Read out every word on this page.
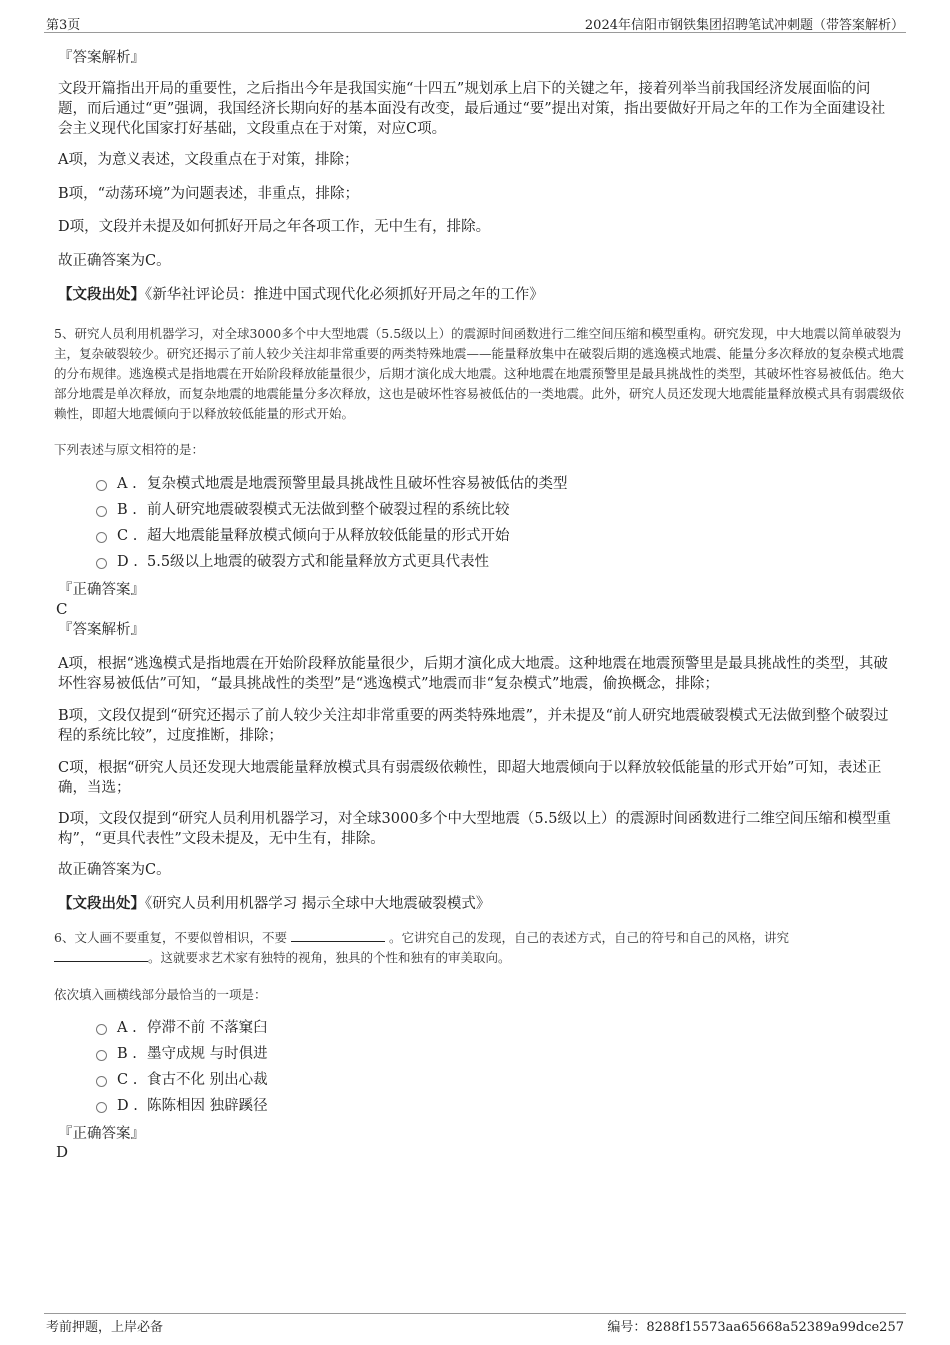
第3页	2024年信阳市钢铁集团招聘笔试冲刺题（带答案解析）
『答案解析』
文段开篇指出开局的重要性，之后指出今年是我国实施“十四五”规划承上启下的关键之年，接着列举当前我国经济发展面临的问题，而后通过“更”强调，我国经济长期向好的基本面没有改变，最后通过“要”提出对策，指出要做好开局之年的工作为全面建设社会主义现代化国家打好基础，文段重点在于对策，对应C项。
A项，为意义表述，文段重点在于对策，排除；
B项，“动荡环境”为问题表述，非重点，排除；
D项，文段并未提及如何抓好开局之年各项工作，无中生有，排除。
故正确答案为C。
【文段出处】《新华社评论员：推进中国式现代化必须抓好开局之年的工作》
5、研究人员利用机器学习，对全球3000多个中大型地震（5.5级以上）的震源时间函数进行二维空间压缩和模型重构。研究发现，中大地震以简单破裂为主，复杂破裂较少。研究还揭示了前人较少关注却非常重要的两类特殊地震——能量释放集中在破裂后期的逃逸模式地震、能量分多次释放的复杂模式地震的分布规律。逃逸模式是指地震在开始阶段释放能量很少，后期才演化成大地震。这种地震在地震预警里是最具挑战性的类型，其破坏性容易被低估。绝大部分地震是单次释放，而复杂地震的地震能量分多次释放，这也是破坏性容易被低估的一类地震。此外，研究人员还发现大地震能量释放模式具有弱震级依赖性，即超大地震倾向于以释放较低能量的形式开始。
下列表述与原文相符的是：
A . 复杂模式地震是地震预警里最具挑战性且破坏性容易被低估的类型
B . 前人研究地震破裂模式无法做到整个破裂过程的系统比较
C . 超大地震能量释放模式倾向于从释放较低能量的形式开始
D . 5.5级以上地震的破裂方式和能量释放方式更具代表性
『正确答案』
C
『答案解析』
A项，根据“逃逸模式是指地震在开始阶段释放能量很少，后期才演化成大地震。这种地震在地震预警里是最具挑战性的类型，其破坏性容易被低估”可知，“最具挑战性的类型”是“逃逸模式”地震而非“复杂模式”地震，偷换概念，排除；
B项，文段仅提到“研究还揭示了前人较少关注却非常重要的两类特殊地震”，并未提及“前人研究地震破裂模式无法做到整个破裂过程的系统比较”，过度推断，排除；
C项，根据“研究人员还发现大地震能量释放模式具有弱震级依赖性，即超大地震倾向于以释放较低能量的形式开始”可知，表述正确，当选；
D项，文段仅提到“研究人员利用机器学习，对全球3000多个中大型地震（5.5级以上）的震源时间函数进行二维空间压缩和模型重构”，“更具代表性”文段未提及，无中生有，排除。
故正确答案为C。
【文段出处】《研究人员利用机器学习 揭示全球中大地震破裂模式》
6、文人画不要重复，不要似曾相识，不要	。它讲究自己的发现，自己的表述方式，自己的符号和自己的风格，讲究
。这就要求艺术家有独特的视角，独具的个性和独有的审美取向。
依次填入画横线部分最恰当的一项是：
A . 停滞不前 不落窠臼
B . 墨守成规 与时俱进
C . 食古不化 别出心裁
D . 陈陈相因 独辟蹊径
『正确答案』
D
考前押题，上岸必备	编号：8288f15573aa65668a52389a99dce257
